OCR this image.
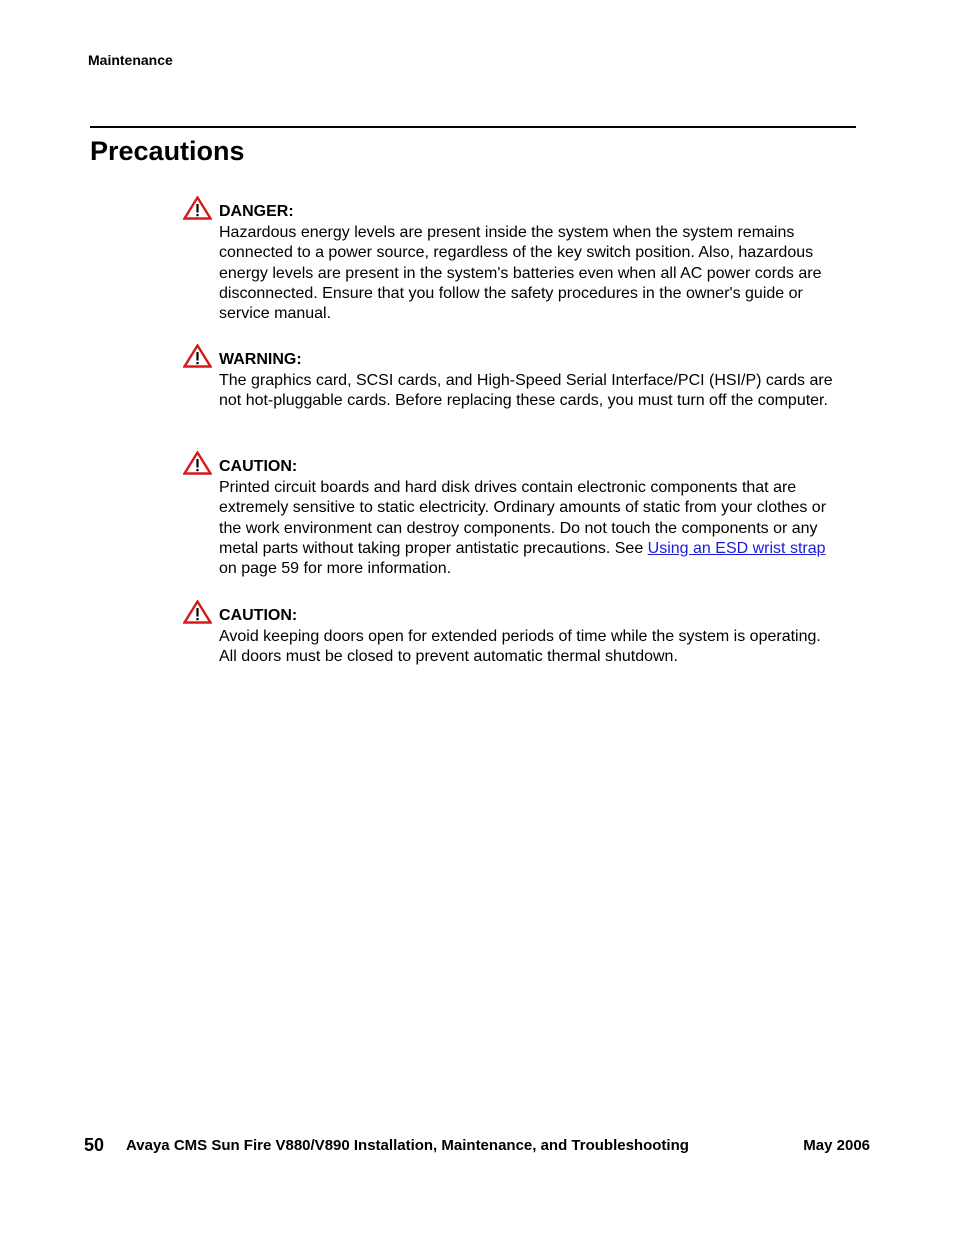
Maintenance
Precautions
DANGER:

Hazardous energy levels are present inside the system when the system remains connected to a power source, regardless of the key switch position. Also, hazardous energy levels are present in the system's batteries even when all AC power cords are disconnected. Ensure that you follow the safety procedures in the owner's guide or service manual.

WARNING:

The graphics card, SCSI cards, and High-Speed Serial Interface/PCI (HSI/P) cards are not hot-pluggable cards. Before replacing these cards, you must turn off the computer.

CAUTION:

Printed circuit boards and hard disk drives contain electronic components that are extremely sensitive to static electricity. Ordinary amounts of static from your clothes or the work environment can destroy components. Do not touch the components or any metal parts without taking proper antistatic precautions. See Using an ESD wrist strap on page 59 for more information.

CAUTION:

Avoid keeping doors open for extended periods of time while the system is operating. All doors must be closed to prevent automatic thermal shutdown.

50 Avaya CMS Sun Fire V880/V890 Installation, Maintenance, and Troubleshooting	May 2006
